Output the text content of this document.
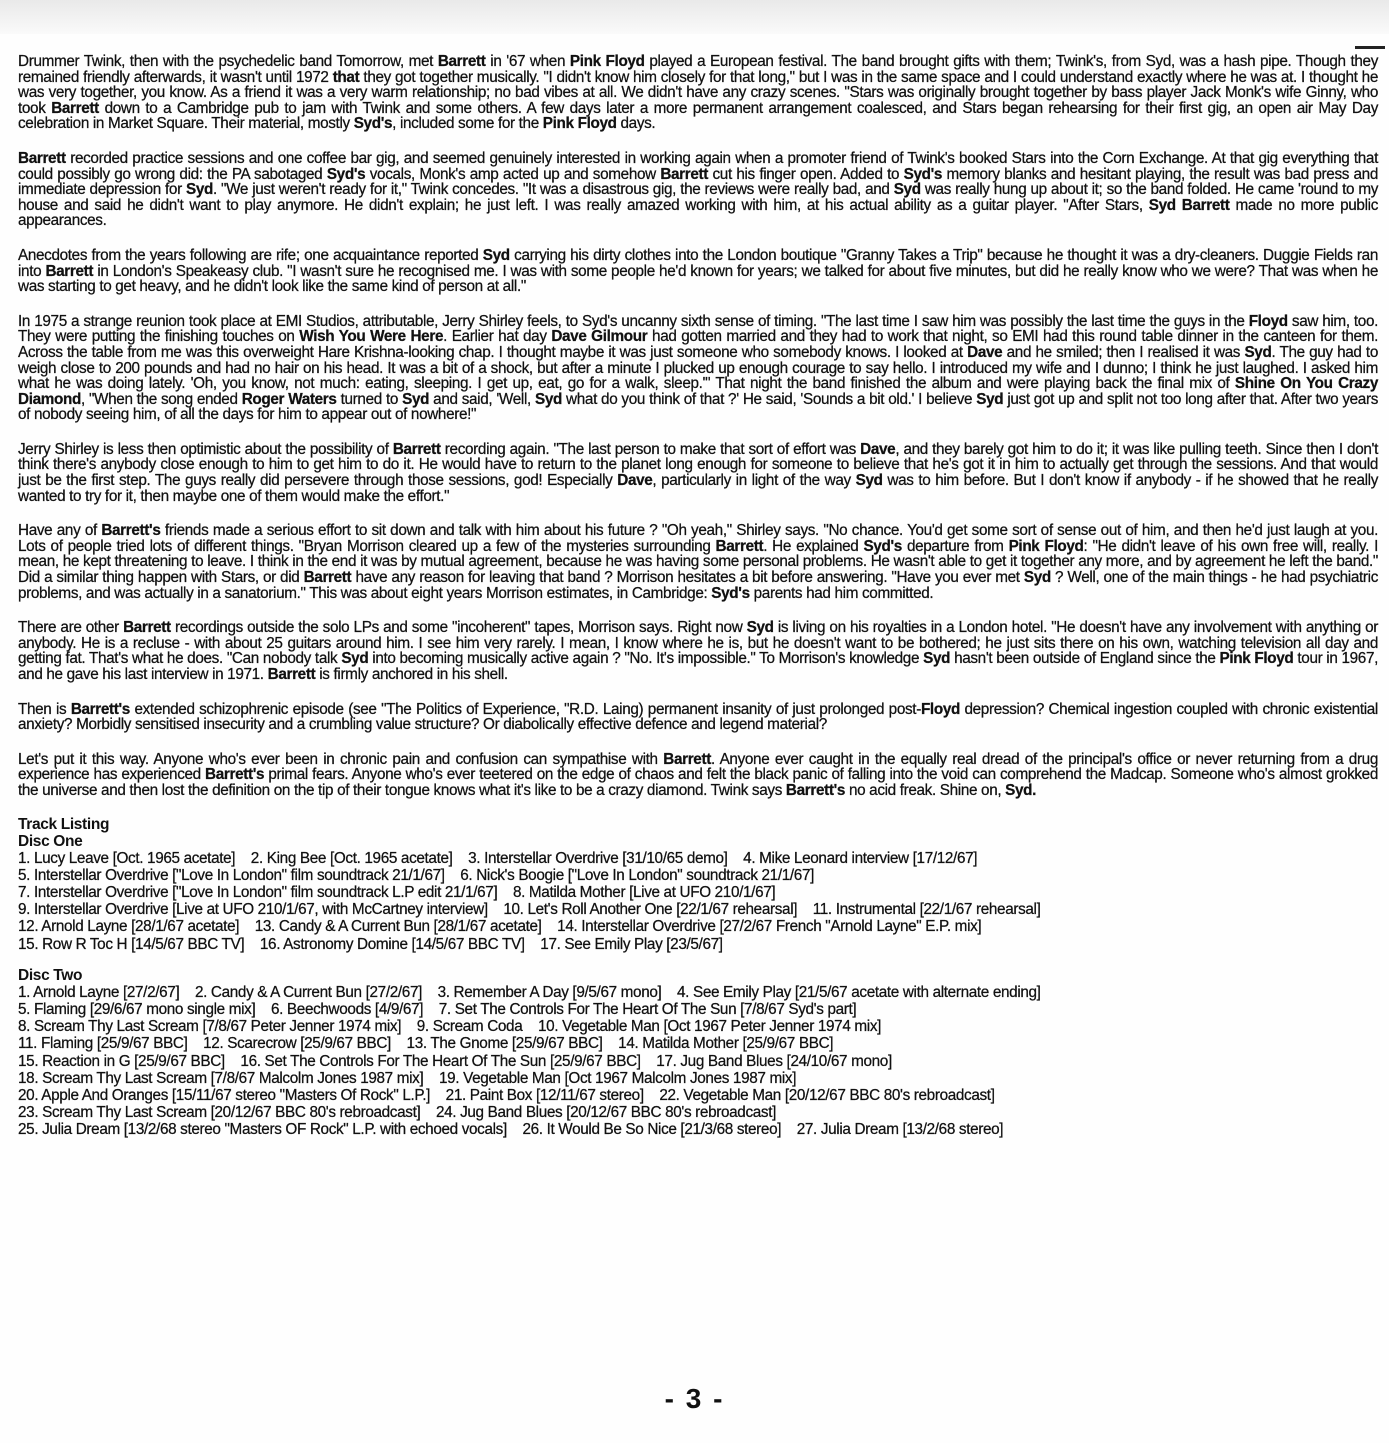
Drummer Twink, then with the psychedelic band Tomorrow, met Barrett in '67 when Pink Floyd played a European festival. The band brought gifts with them; Twink's, from Syd, was a hash pipe. Though they remained friendly afterwards, it wasn't until 1972 that they got together musically. "I didn't know him closely for that long," but I was in the same space and I could understand exactly where he was at. I thought he was very together, you know. As a friend it was a very warm relationship; no bad vibes at all. We didn't have any crazy scenes. "Stars was originally brought together by bass player Jack Monk's wife Ginny, who took Barrett down to a Cambridge pub to jam with Twink and some others. A few days later a more permanent arrangement coalesced, and Stars began rehearsing for their first gig, an open air May Day celebration in Market Square. Their material, mostly Syd's, included some for the Pink Floyd days.

Barrett recorded practice sessions and one coffee bar gig, and seemed genuinely interested in working again when a promoter friend of Twink's booked Stars into the Corn Exchange. At that gig everything that could possibly go wrong did: the PA sabotaged Syd's vocals, Monk's amp acted up and somehow Barrett cut his finger open. Added to Syd's memory blanks and hesitant playing, the result was bad press and immediate depression for Syd. "We just weren't ready for it," Twink concedes. "It was a disastrous gig, the reviews were really bad, and Syd was really hung up about it; so the band folded. He came 'round to my house and said he didn't want to play anymore. He didn't explain; he just left. I was really amazed working with him, at his actual ability as a guitar player. "After Stars, Syd Barrett made no more public appearances.

Anecdotes from the years following are rife; one acquaintance reported Syd carrying his dirty clothes into the London boutique "Granny Takes a Trip" because he thought it was a dry-cleaners. Duggie Fields ran into Barrett in London's Speakeasy club. "I wasn't sure he recognised me. I was with some people he'd known for years; we talked for about five minutes, but did he really know who we were? That was when he was starting to get heavy, and he didn't look like the same kind of person at all."

In 1975 a strange reunion took place at EMI Studios, attributable, Jerry Shirley feels, to Syd's uncanny sixth sense of timing. "The last time I saw him was possibly the last time the guys in the Floyd saw him, too. They were putting the finishing touches on Wish You Were Here. Earlier hat day Dave Gilmour had gotten married and they had to work that night, so EMI had this round table dinner in the canteen for them. Across the table from me was this overweight Hare Krishna-looking chap. I thought maybe it was just someone who somebody knows. I looked at Dave and he smiled; then I realised it was Syd. The guy had to weigh close to 200 pounds and had no hair on his head. It was a bit of a shock, but after a minute I plucked up enough courage to say hello. I introduced my wife and I dunno; I think he just laughed. I asked him what he was doing lately. 'Oh, you know, not much: eating, sleeping. I get up, eat, go for a walk, sleep.'" That night the band finished the album and were playing back the final mix of Shine On You Crazy Diamond, "When the song ended Roger Waters turned to Syd and said, 'Well, Syd what do you think of that ?' He said, 'Sounds a bit old.' I believe Syd just got up and split not too long after that. After two years of nobody seeing him, of all the days for him to appear out of nowhere!"

Jerry Shirley is less then optimistic about the possibility of Barrett recording again. "The last person to make that sort of effort was Dave, and they barely got him to do it; it was like pulling teeth. Since then I don't think there's anybody close enough to him to get him to do it. He would have to return to the planet long enough for someone to believe that he's got it in him to actually get through the sessions. And that would just be the first step. The guys really did persevere through those sessions, god! Especially Dave, particularly in light of the way Syd was to him before. But I don't know if anybody - if he showed that he really wanted to try for it, then maybe one of them would make the effort."

Have any of Barrett's friends made a serious effort to sit down and talk with him about his future ? "Oh yeah," Shirley says. "No chance. You'd get some sort of sense out of him, and then he'd just laugh at you. Lots of people tried lots of different things. "Bryan Morrison cleared up a few of the mysteries surrounding Barrett. He explained Syd's departure from Pink Floyd: "He didn't leave of his own free will, really. I mean, he kept threatening to leave. I think in the end it was by mutual agreement, because he was having some personal problems. He wasn't able to get it together any more, and by agreement he left the band." Did a similar thing happen with Stars, or did Barrett have any reason for leaving that band ? Morrison hesitates a bit before answering. "Have you ever met Syd ? Well, one of the main things - he had psychiatric problems, and was actually in a sanatorium." This was about eight years Morrison estimates, in Cambridge: Syd's parents had him committed.

There are other Barrett recordings outside the solo LPs and some "incoherent" tapes, Morrison says. Right now Syd is living on his royalties in a London hotel. "He doesn't have any involvement with anything or anybody. He is a recluse - with about 25 guitars around him. I see him very rarely. I mean, I know where he is, but he doesn't want to be bothered; he just sits there on his own, watching television all day and getting fat. That's what he does. "Can nobody talk Syd into becoming musically active again ? "No. It's impossible." To Morrison's knowledge Syd hasn't been outside of England since the Pink Floyd tour in 1967, and he gave his last interview in 1971. Barrett is firmly anchored in his shell.

Then is Barrett's extended schizophrenic episode (see "The Politics of Experience, "R.D. Laing) permanent insanity of just prolonged post-Floyd depression? Chemical ingestion coupled with chronic existential anxiety? Morbidly sensitised insecurity and a crumbling value structure? Or diabolically effective defence and legend material?

Let's put it this way. Anyone who's ever been in chronic pain and confusion can sympathise with Barrett. Anyone ever caught in the equally real dread of the principal's office or never returning from a drug experience has experienced Barrett's primal fears. Anyone who's ever teetered on the edge of chaos and felt the black panic of falling into the void can comprehend the Madcap. Someone who's almost grokked the universe and then lost the definition on the tip of their tongue knows what it's like to be a crazy diamond. Twink says Barrett's no acid freak. Shine on, Syd.

Track Listing

Disc One

1. Lucy Leave [Oct. 1965 acetate]    2. King Bee [Oct. 1965 acetate]    3. Interstellar Overdrive [31/10/65 demo]    4. Mike Leonard interview [17/12/67]
5. Interstellar Overdrive ["Love In London" film soundtrack 21/1/67]    6. Nick's Boogie ["Love In London" soundtrack 21/1/67]
7. Interstellar Overdrive ["Love In London" film soundtrack L.P edit 21/1/67]    8. Matilda Mother [Live at UFO 210/1/67]
9. Interstellar Overdrive [Live at UFO 210/1/67, with McCartney interview]    10. Let's Roll Another One [22/1/67 rehearsal]    11. Instrumental [22/1/67 rehearsal]
12. Arnold Layne [28/1/67 acetate]    13. Candy & A Current Bun [28/1/67 acetate]    14. Interstellar Overdrive [27/2/67 French "Arnold Layne" E.P. mix]
15. Row R Toc H [14/5/67 BBC TV]    16. Astronomy Domine [14/5/67 BBC TV]    17. See Emily Play [23/5/67]

Disc Two

1. Arnold Layne [27/2/67]    2. Candy & A Current Bun [27/2/67]    3. Remember A Day [9/5/67 mono]    4. See Emily Play [21/5/67 acetate with alternate ending]
5. Flaming [29/6/67 mono single mix]    6. Beechwoods [4/9/67]    7. Set The Controls For The Heart Of The Sun [7/8/67 Syd's part]
8. Scream Thy Last Scream [7/8/67 Peter Jenner 1974 mix]    9. Scream Coda    10. Vegetable Man [Oct 1967 Peter Jenner 1974 mix]
11. Flaming [25/9/67 BBC]    12. Scarecrow [25/9/67 BBC]    13. The Gnome [25/9/67 BBC]    14. Matilda Mother [25/9/67 BBC]
15. Reaction in G [25/9/67 BBC]    16. Set The Controls For The Heart Of The Sun [25/9/67 BBC]    17. Jug Band Blues [24/10/67 mono]
18. Scream Thy Last Scream [7/8/67 Malcolm Jones 1987 mix]    19. Vegetable Man [Oct 1967 Malcolm Jones 1987 mix]
20. Apple And Oranges [15/11/67 stereo "Masters Of Rock" L.P.]    21. Paint Box [12/11/67 stereo]    22. Vegetable Man [20/12/67 BBC 80's rebroadcast]
23. Scream Thy Last Scream [20/12/67 BBC 80's rebroadcast]    24. Jug Band Blues [20/12/67 BBC 80's rebroadcast]
25. Julia Dream [13/2/68 stereo "Masters OF Rock" L.P. with echoed vocals]    26. It Would Be So Nice [21/3/68 stereo]    27. Julia Dream [13/2/68 stereo]
- 3 -
